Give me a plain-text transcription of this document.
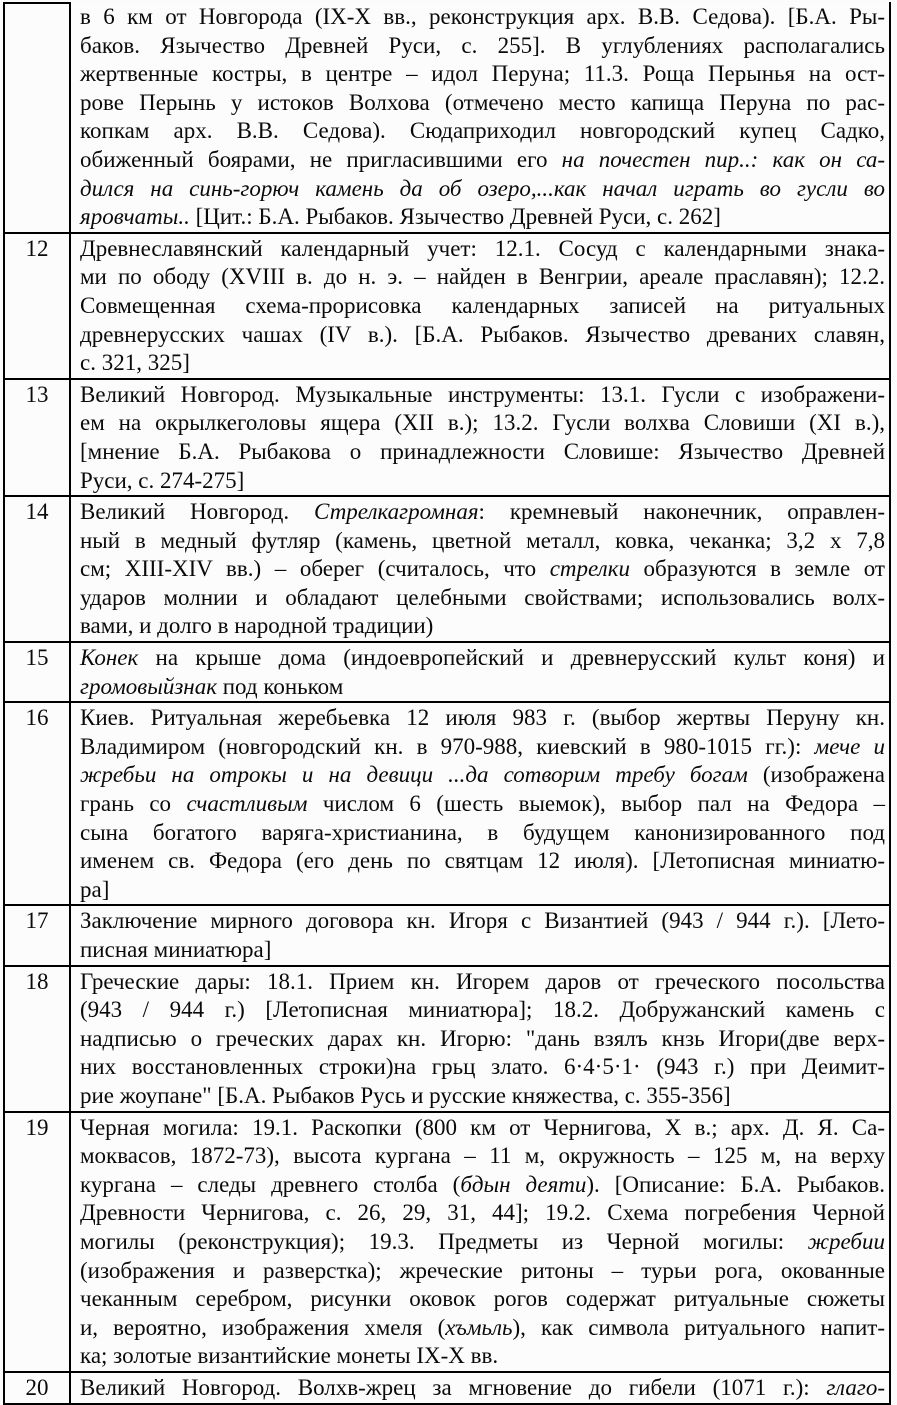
в 6 км от Новгорода (IX-X вв., реконструкция арх. В.В. Седова). [Б.А. Ры-
баков. Язычество Древней Руси, с. 255]. В углублениях располагались
жертвенные костры, в центре – идол Перуна; 11.3. Роща Перынья на ост-
рове Перынь у истоков Волхова (отмечено место капища Перуна по рас-
копкам арх. В.В. Седова). Сюдаприходил новгородский купец Садко,
обиженный боярами, не пригласившими его на почестен пир..: как он са-
дился на синь-горюч камень да об озеро,...как начал играть во гусли во
яровчаты.. [Цит.: Б.А. Рыбаков. Язычество Древней Руси, с. 262]
12	Древнеславянский календарный учет: 12.1. Сосуд с календарными знака-
ми по ободу (XVIII в. до н. э. – найден в Венгрии, ареале праславян); 12.2.
Совмещенная схема-прорисовка календарных записей на ритуальных
древнерусских чашах (IV в.). [Б.А. Рыбаков. Язычество древаних славян,
с. 321, 325]
13	Великий Новгород. Музыкальные инструменты: 13.1. Гусли с изображени-
ем на окрылкеголовы ящера (XII в.); 13.2. Гусли волхва Словиши (XI в.),
[мнение Б.А. Рыбакова о принадлежности Словише: Язычество Древней
Руси, с. 274-275]
14	Великий Новгород. Стрелкагромная: кремневый наконечник, оправлен-
ный в медный футляр (камень, цветной металл, ковка, чеканка; 3,2 х 7,8
см; XIII-XIV вв.) – оберег (считалось, что стрелки образуются в земле от
ударов молнии и обладают целебными свойствами; использовались волх-
вами, и долго в народной традиции)
15	Конек на крыше дома (индоевропейский и древнерусский культ коня) и
громовыйзнак под коньком
16	Киев. Ритуальная жеребьевка 12 июля 983 г. (выбор жертвы Перуну кн.
Владимиром (новгородский кн. в 970-988, киевский в 980-1015 гг.): мече и
жребьи на отрокы и на девици ...да сотворим требу богам (изображена
грань со счастливым числом 6 (шесть выемок), выбор пал на Федора –
сына богатого варяга-христианина, в будущем канонизированного под
именем св. Федора (его день по святцам 12 июля). [Летописная миниатю-
ра]
17	Заключение мирного договора кн. Игоря с Византией (943 / 944 г.). [Лето-
писная миниатюра]
18	Греческие дары: 18.1. Прием кн. Игорем даров от греческого посольства
(943 / 944 г.) [Летописная миниатюра]; 18.2. Добружанский камень с
надписью о греческих дарах кн. Игорю: "дань взялъ кнзь Игори(две верх-
них восстановленных строки)на грьц злато. 6·4·5·1· (943 г.) при Деимит-
рие жоупане" [Б.А. Рыбаков Русь и русские княжества, с. 355-356]
19	Черная могила: 19.1. Раскопки (800 км от Чернигова, X в.; арх. Д. Я. Са-
моквасов, 1872-73), высота кургана – 11 м, окружность – 125 м, на верху
кургана – следы древнего столба (бдын деяти). [Описание: Б.А. Рыбаков.
Древности Чернигова, с. 26, 29, 31, 44]; 19.2. Схема погребения Черной
могилы (реконструкция); 19.3. Предметы из Черной могилы: жребии
(изображения и разверстка); жреческие ритоны – турьи рога, окованные
чеканным серебром, рисунки оковок рогов содержат ритуальные сюжеты
и, вероятно, изображения хмеля (хъмьль), как символа ритуального напит-
ка; золотые византийские монеты IX-X вв.
20	Великий Новгород. Волхв-жрец за мгновение до гибели (1071 г.): глаго-
